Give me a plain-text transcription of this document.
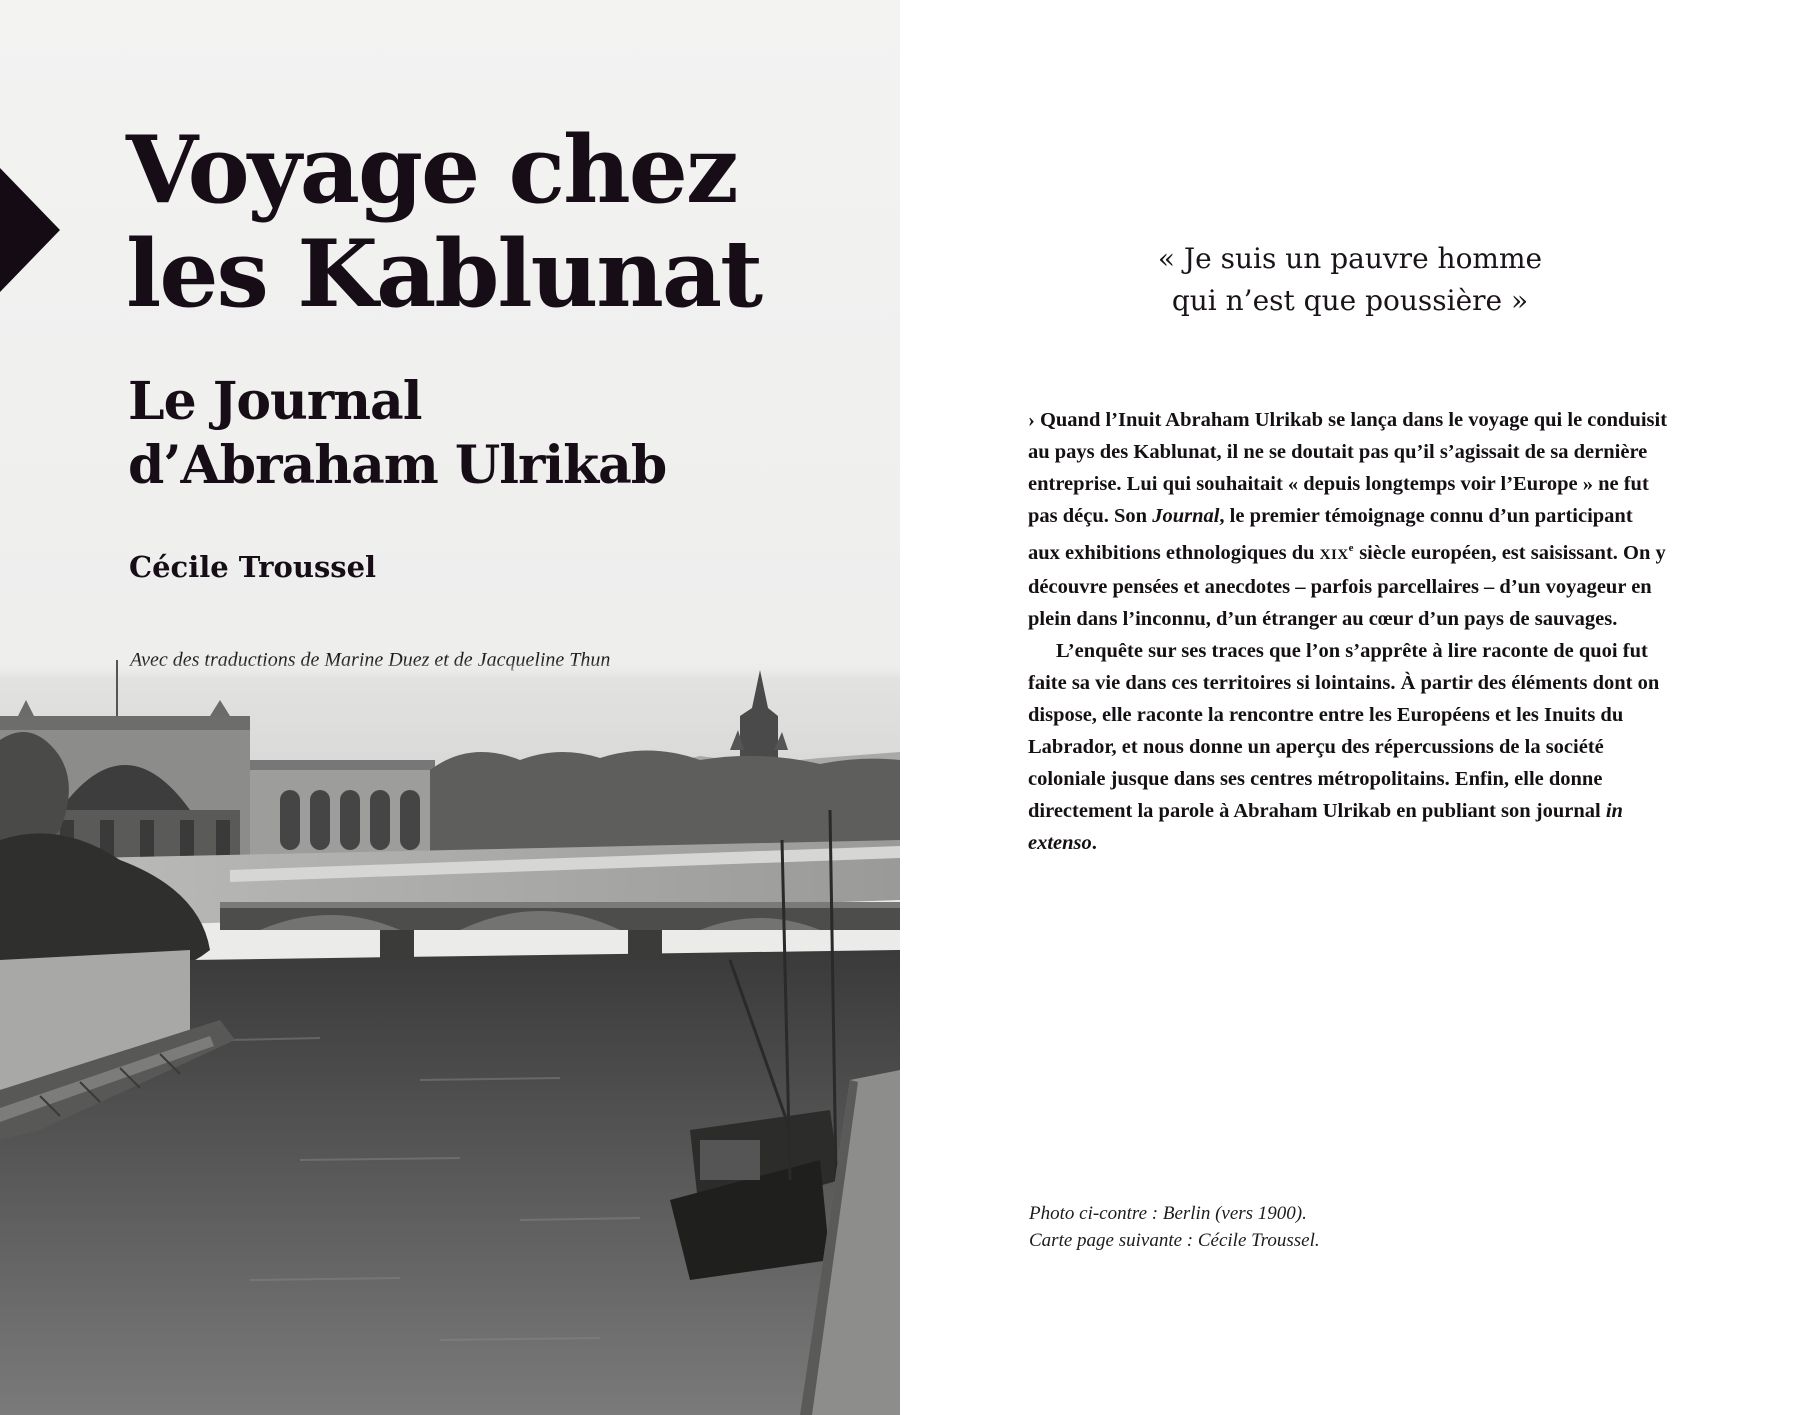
Voyage chez
les Kablunat
Le Journal
d’Abraham Ulrikab
Cécile Troussel
« Je suis un pauvre homme
qui n’est que poussière »

› Quand l’Inuit Abraham Ulrikab se lança dans le voyage qui le conduisit au pays des Kablunat, il ne se doutait pas qu’il s’agissait de sa dernière entreprise. Lui qui souhaitait « depuis longtemps voir l’Europe » ne fut pas déçu. Son Journal, le premier témoignage connu d’un participant aux exhibitions ethnologiques du XIXe siècle européen, est saisissant. On y découvre pensées et anecdotes – parfois parcellaires – d’un voyageur en plein dans l’inconnu, d’un étranger au cœur d’un pays de sauvages.

L’enquête sur ses traces que l’on s’apprête à lire raconte de quoi fut faite sa vie dans ces territoires si lointains. À partir des éléments dont on dispose, elle raconte la rencontre entre les Européens et les Inuits du Labrador, et nous donne un aperçu des répercussions de la société coloniale jusque dans ses centres métropolitains. Enfin, elle donne directement la parole à Abraham Ulrikab en publiant son journal in extenso.

Photo ci-contre : Berlin (vers 1900).
Carte page suivante : Cécile Troussel.
